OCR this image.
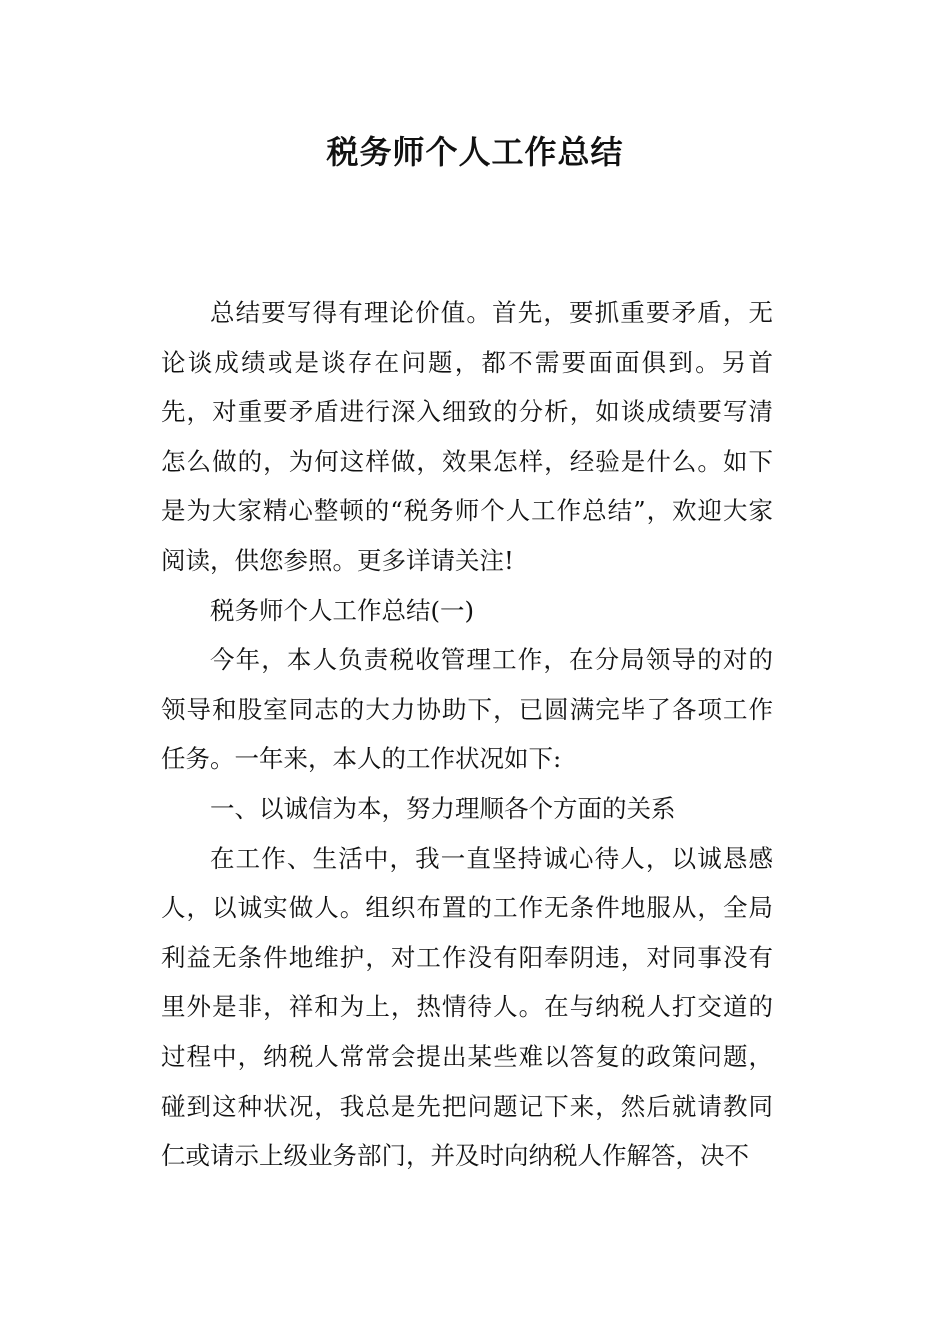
税务师个人工作总结

总结要写得有理论价值。首先，要抓重要矛盾，无论谈成绩或是谈存在问题，都不需要面面俱到。另首先，对重要矛盾进行深入细致的分析，如谈成绩要写清怎么做的，为何这样做，效果怎样，经验是什么。如下是为大家精心整顿的“税务师个人工作总结”，欢迎大家阅读，供您参照。更多详请关注!

税务师个人工作总结(一)

今年，本人负责税收管理工作，在分局领导的对的领导和股室同志的大力协助下，已圆满完毕了各项工作任务。一年来，本人的工作状况如下:

一、以诚信为本，努力理顺各个方面的关系

在工作、生活中，我一直坚持诚心待人，以诚恳感人，以诚实做人。组织布置的工作无条件地服从，全局利益无条件地维护，对工作没有阳奉阴违，对同事没有里外是非，祥和为上，热情待人。在与纳税人打交道的过程中，纳税人常常会提出某些难以答复的政策问题，碰到这种状况，我总是先把问题记下来，然后就请教同仁或请示上级业务部门，并及时向纳税人作解答，决不
